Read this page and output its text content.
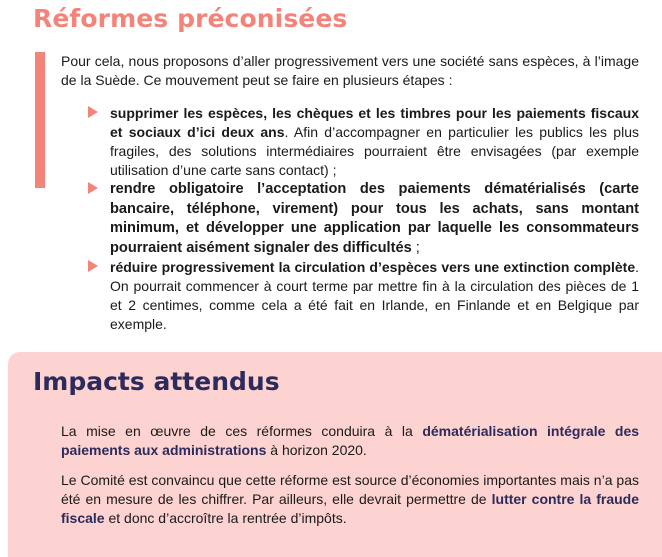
Réformes préconisées

Pour cela, nous proposons d’aller progressivement vers une société sans espèces, à l’image de la Suède. Ce mouvement peut se faire en plusieurs étapes :

supprimer les espèces, les chèques et les timbres pour les paiements fiscaux et sociaux d’ici deux ans. Afin d’accompagner en particulier les publics les plus fragiles, des solutions intermédiaires pourraient être envisagées (par exemple utilisation d’une carte sans contact) ;
rendre obligatoire l’acceptation des paiements dématérialisés (carte bancaire, téléphone, virement) pour tous les achats, sans montant minimum, et développer une application par laquelle les consommateurs pourraient aisément signaler des difficultés ;
réduire progressivement la circulation d’espèces vers une extinction complète. On pourrait commencer à court terme par mettre fin à la circulation des pièces de 1 et 2 centimes, comme cela a été fait en Irlande, en Finlande et en Belgique par exemple.
Impacts attendus

La mise en œuvre de ces réformes conduira à la dématérialisation intégrale des paiements aux administrations à horizon 2020.

Le Comité est convaincu que cette réforme est source d’économies importantes mais n’a pas été en mesure de les chiffrer. Par ailleurs, elle devrait permettre de lutter contre la fraude fiscale et donc d’accroître la rentrée d’impôts.
